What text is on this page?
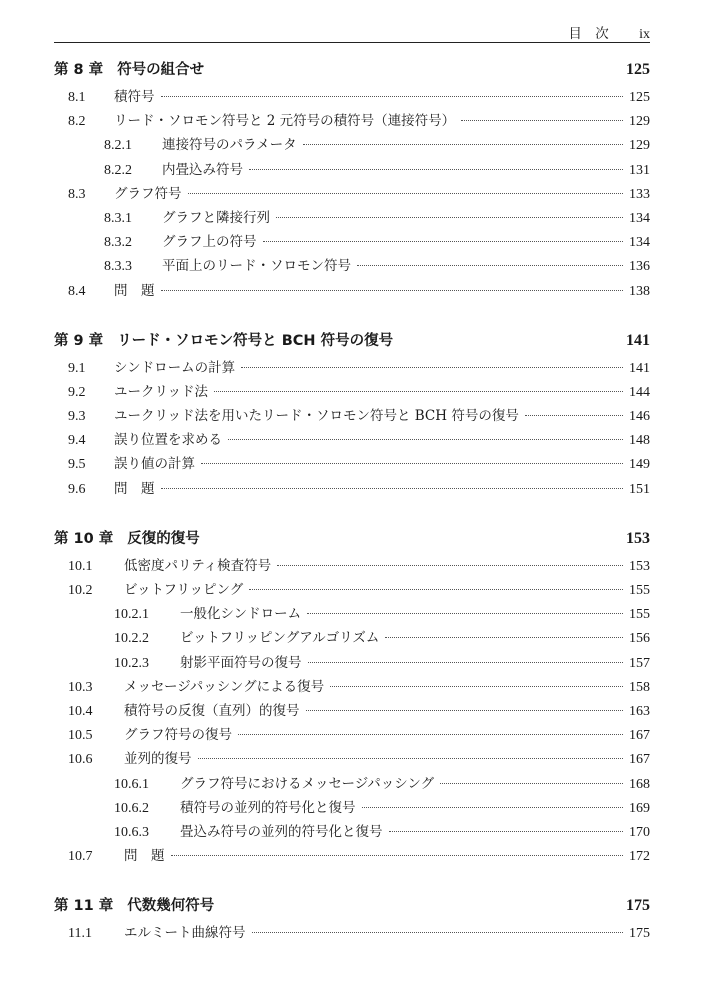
目　次 ix
第 8 章 符号の組合せ	125
8.1	積符号	125
8.2	リード・ソロモン符号と 2 元符号の積符号（連接符号）	129
8.2.1	連接符号のパラメータ	129
8.2.2	内畳込み符号	131
8.3	グラフ符号	133
8.3.1	グラフと隣接行列	134
8.3.2	グラフ上の符号	134
8.3.3	平面上のリード・ソロモン符号	136
8.4	問　題	138
第 9 章 リード・ソロモン符号と BCH 符号の復号	141
9.1	シンドロームの計算	141
9.2	ユークリッド法	144
9.3	ユークリッド法を用いたリード・ソロモン符号と BCH 符号の復号	146
9.4	誤り位置を求める	148
9.5	誤り値の計算	149
9.6	問　題	151
第 10 章 反復的復号	153
10.1	低密度パリティ検査符号	153
10.2	ビットフリッピング	155
10.2.1	一般化シンドローム	155
10.2.2	ビットフリッピングアルゴリズム	156
10.2.3	射影平面符号の復号	157
10.3	メッセージパッシングによる復号	158
10.4	積符号の反復（直列）的復号	163
10.5	グラフ符号の復号	167
10.6	並列的復号	167
10.6.1	グラフ符号におけるメッセージパッシング	168
10.6.2	積符号の並列的符号化と復号	169
10.6.3	畳込み符号の並列的符号化と復号	170
10.7	問　題	172
第 11 章 代数幾何符号	175
11.1	エルミート曲線符号	175
